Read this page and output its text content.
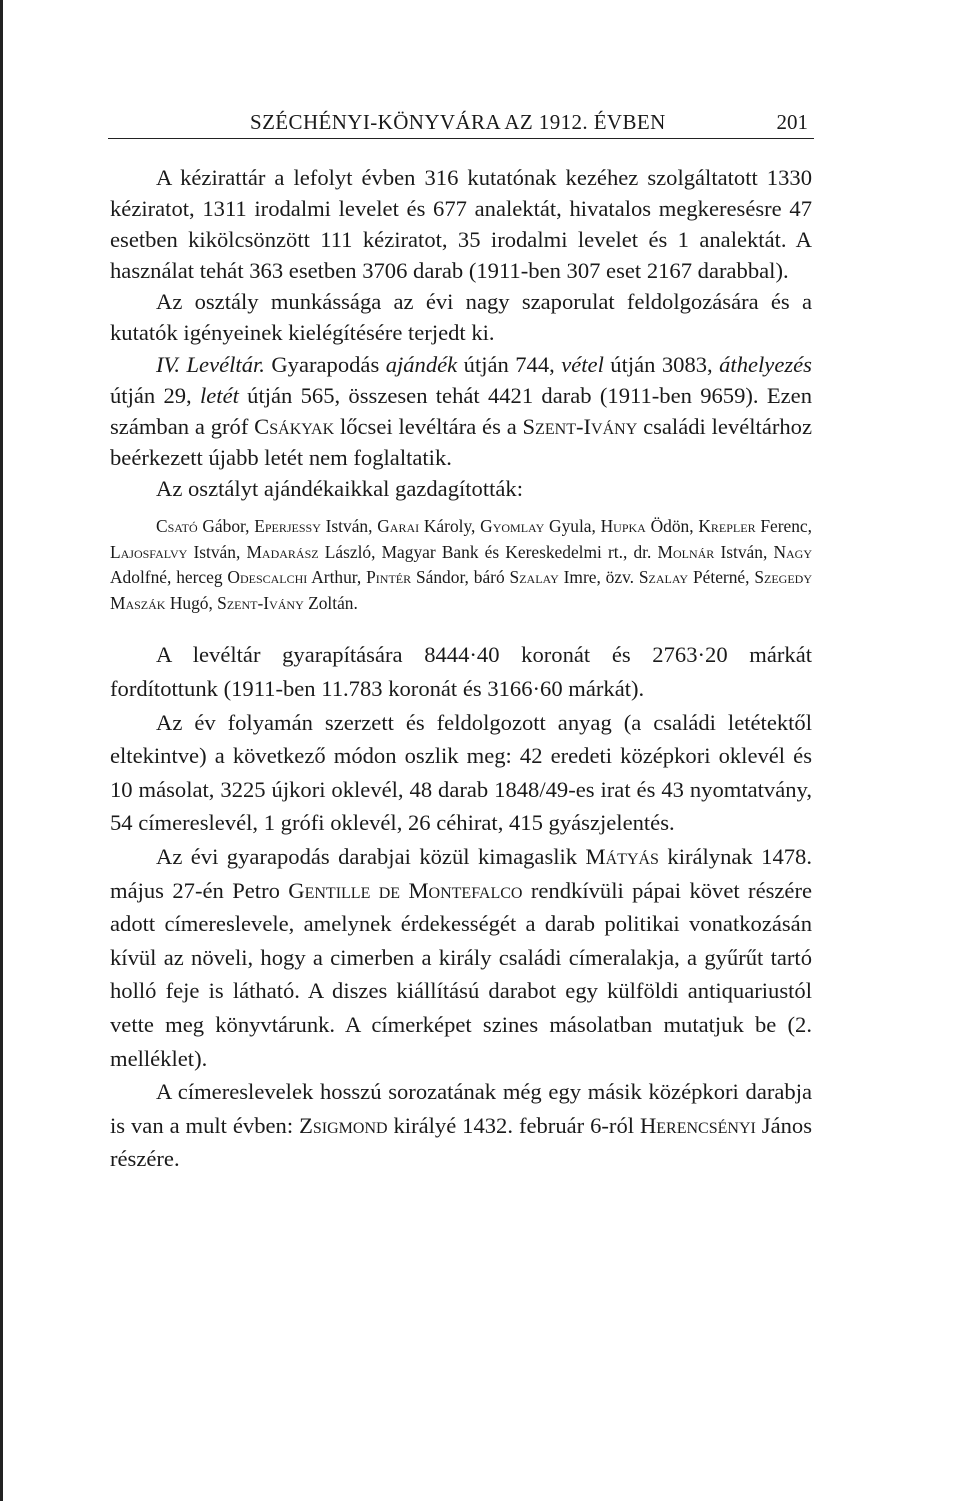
SZÉCHÉNYI-KÖNYVÁRA AZ 1912. ÉVBEN	201

A kézirattár a lefolyt évben 316 kutatónak kezéhez szolgáltatott 1330 kéziratot, 1311 irodalmi levelet és 677 analektát, hivatalos megkeresésre 47 esetben kikölcsönzött 111 kéziratot, 35 irodalmi levelet és 1 analektát. A használat tehát 363 esetben 3706 darab (1911-ben 307 eset 2167 darabbal).

Az osztály munkássága az évi nagy szaporulat feldolgozására és a kutatók igényeinek kielégítésére terjedt ki.

IV. Levéltár. Gyarapodás ajándék útján 744, vétel útján 3083, áthelyezés útján 29, letét útján 565, összesen tehát 4421 darab (1911-ben 9659). Ezen számban a gróf Csákyak lőcsei levéltára és a Szent-Ivány családi levéltárhoz beérkezett újabb letét nem foglaltatik.

Az osztályt ajándékaikkal gazdagították:

Csató Gábor, Eperjessy István, Garai Károly, Gyomlay Gyula, Hupka Ödön, Krepler Ferenc, Lajosfalvy István, Madarász László, Magyar Bank és Kereskedelmi rt., dr. Molnár István, Nagy Adolfné, herceg Odescalchi Arthur, Pintér Sándor, báró Szalay Imre, özv. Szalay Péterné, Szegedy Maszák Hugó, Szent-Ivány Zoltán.

A levéltár gyarapítására 8444·40 koronát és 2763·20 márkát fordítottunk (1911-ben 11.783 koronát és 3166·60 márkát).

Az év folyamán szerzett és feldolgozott anyag (a családi letétektől eltekintve) a következő módon oszlik meg: 42 eredeti középkori oklevél és 10 másolat, 3225 újkori oklevél, 48 darab 1848/49-es irat és 43 nyomtatvány, 54 címereslevél, 1 grófi oklevél, 26 céhirat, 415 gyászjelentés.

Az évi gyarapodás darabjai közül kimagaslik Mátyás királynak 1478. május 27-én Petro Gentille de Montefalco rendkívüli pápai követ részére adott címereslevele, amelynek érdekességét a darab politikai vonatkozásán kívül az növeli, hogy a cimerben a király családi címeralakja, a gyűrűt tartó holló feje is látható. A diszes kiállítású darabot egy külföldi antiquariustól vette meg könyvtárunk. A címerképet szines másolatban mutatjuk be (2. melléklet).

A címereslevelek hosszú sorozatának még egy másik középkori darabja is van a mult évben: Zsigmond királyé 1432. február 6-ról Herencsényi János részére.
